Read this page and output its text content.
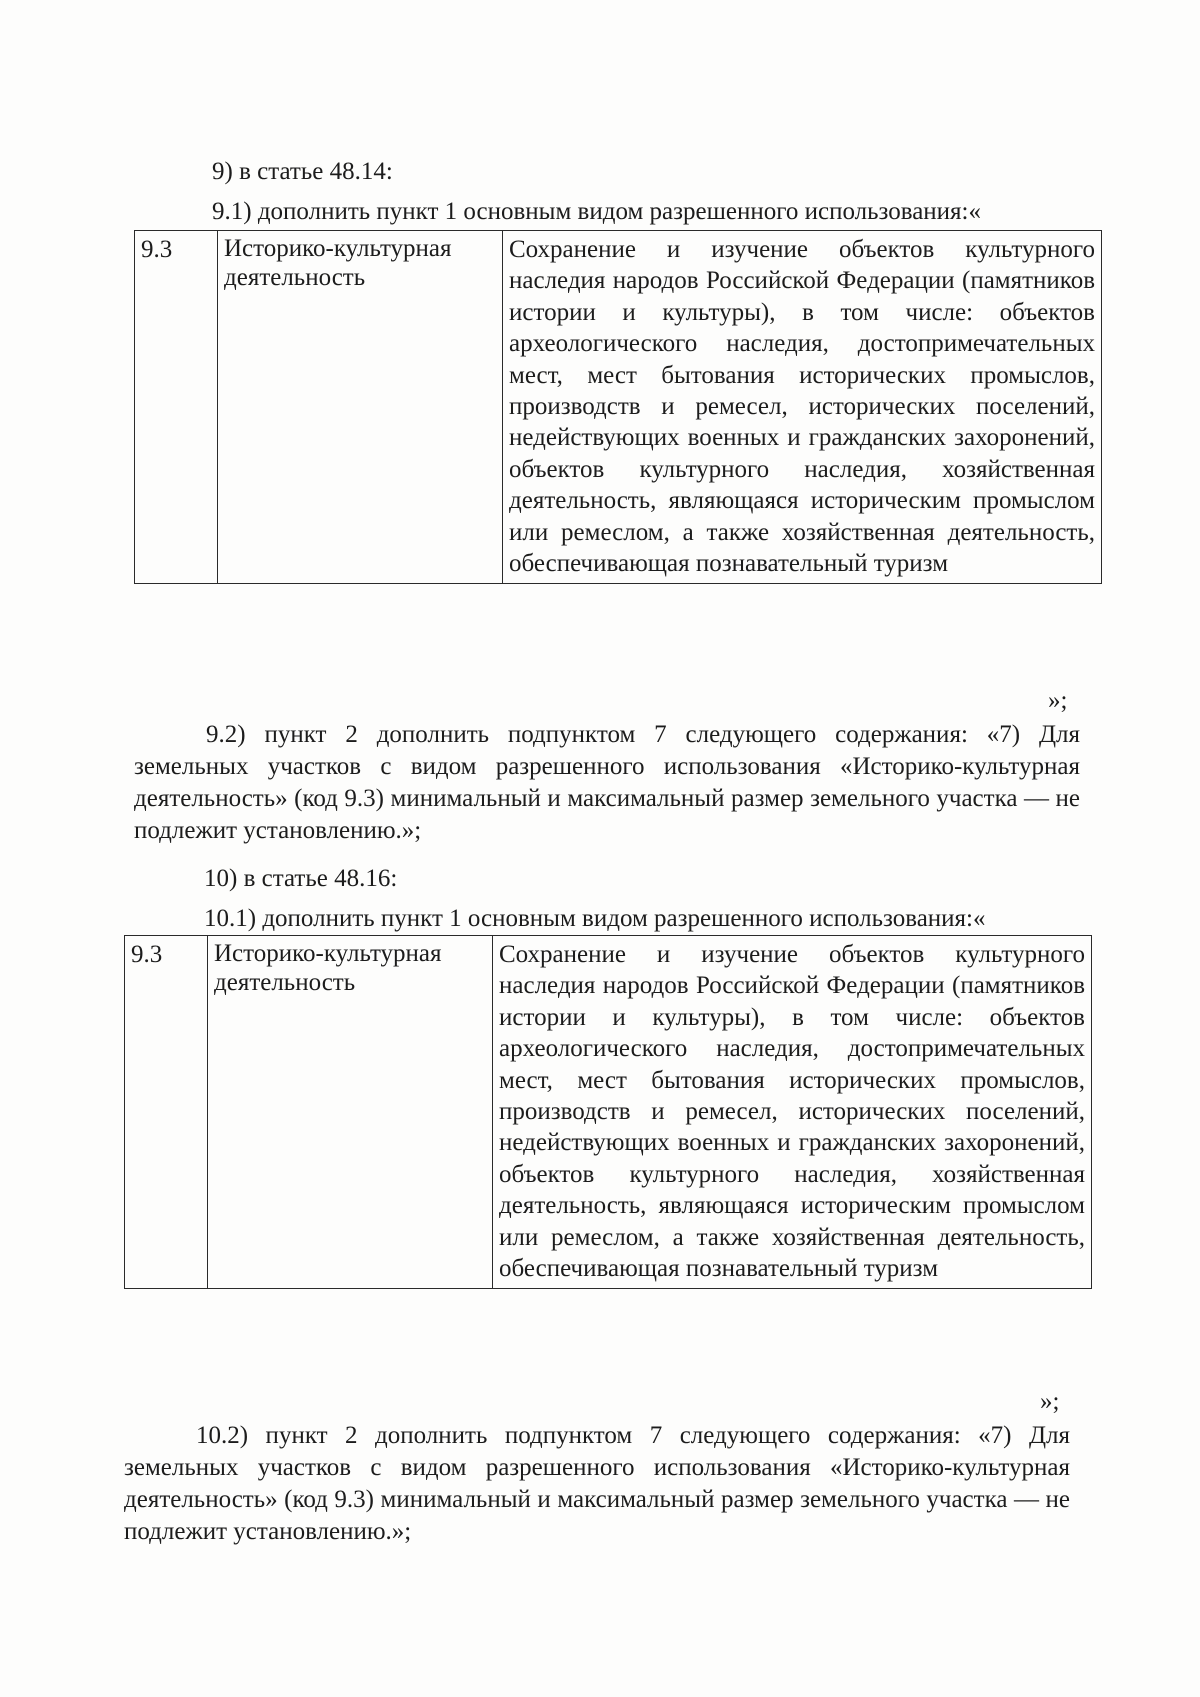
9) в статье 48.14:
9.1) дополнить пункт 1 основным видом разрешенного использования:«
9.3	Историко-культурная деятельность	Сохранение и изучение объектов культурного наследия народов Российской Федерации (памятников истории и культуры), в том числе: объектов археологического наследия, достопримечательных мест, мест бытования исторических промыслов, производств и ремесел, исторических поселений, недействующих военных и гражданских захоронений, объектов культурного наследия, хозяйственная деятельность, являющаяся историческим промыслом или ремеслом, а также хозяйственная деятельность, обеспечивающая познавательный туризм
»;
9.2) пункт 2 дополнить подпунктом 7 следующего содержания: «7) Для земельных участков с видом разрешенного использования «Историко-культурная деятельность» (код 9.3) минимальный и максимальный размер земельного участка — не подлежит установлению.»;
10) в статье 48.16:
10.1) дополнить пункт 1 основным видом разрешенного использования:«
9.3	Историко-культурная деятельность	Сохранение и изучение объектов культурного наследия народов Российской Федерации (памятников истории и культуры), в том числе: объектов археологического наследия, достопримечательных мест, мест бытования исторических промыслов, производств и ремесел, исторических поселений, недействующих военных и гражданских захоронений, объектов культурного наследия, хозяйственная деятельность, являющаяся историческим промыслом или ремеслом, а также хозяйственная деятельность, обеспечивающая познавательный туризм
»;
10.2) пункт 2 дополнить подпунктом 7 следующего содержания: «7) Для земельных участков с видом разрешенного использования «Историко-культурная деятельность» (код 9.3) минимальный и максимальный размер земельного участка — не подлежит установлению.»;
